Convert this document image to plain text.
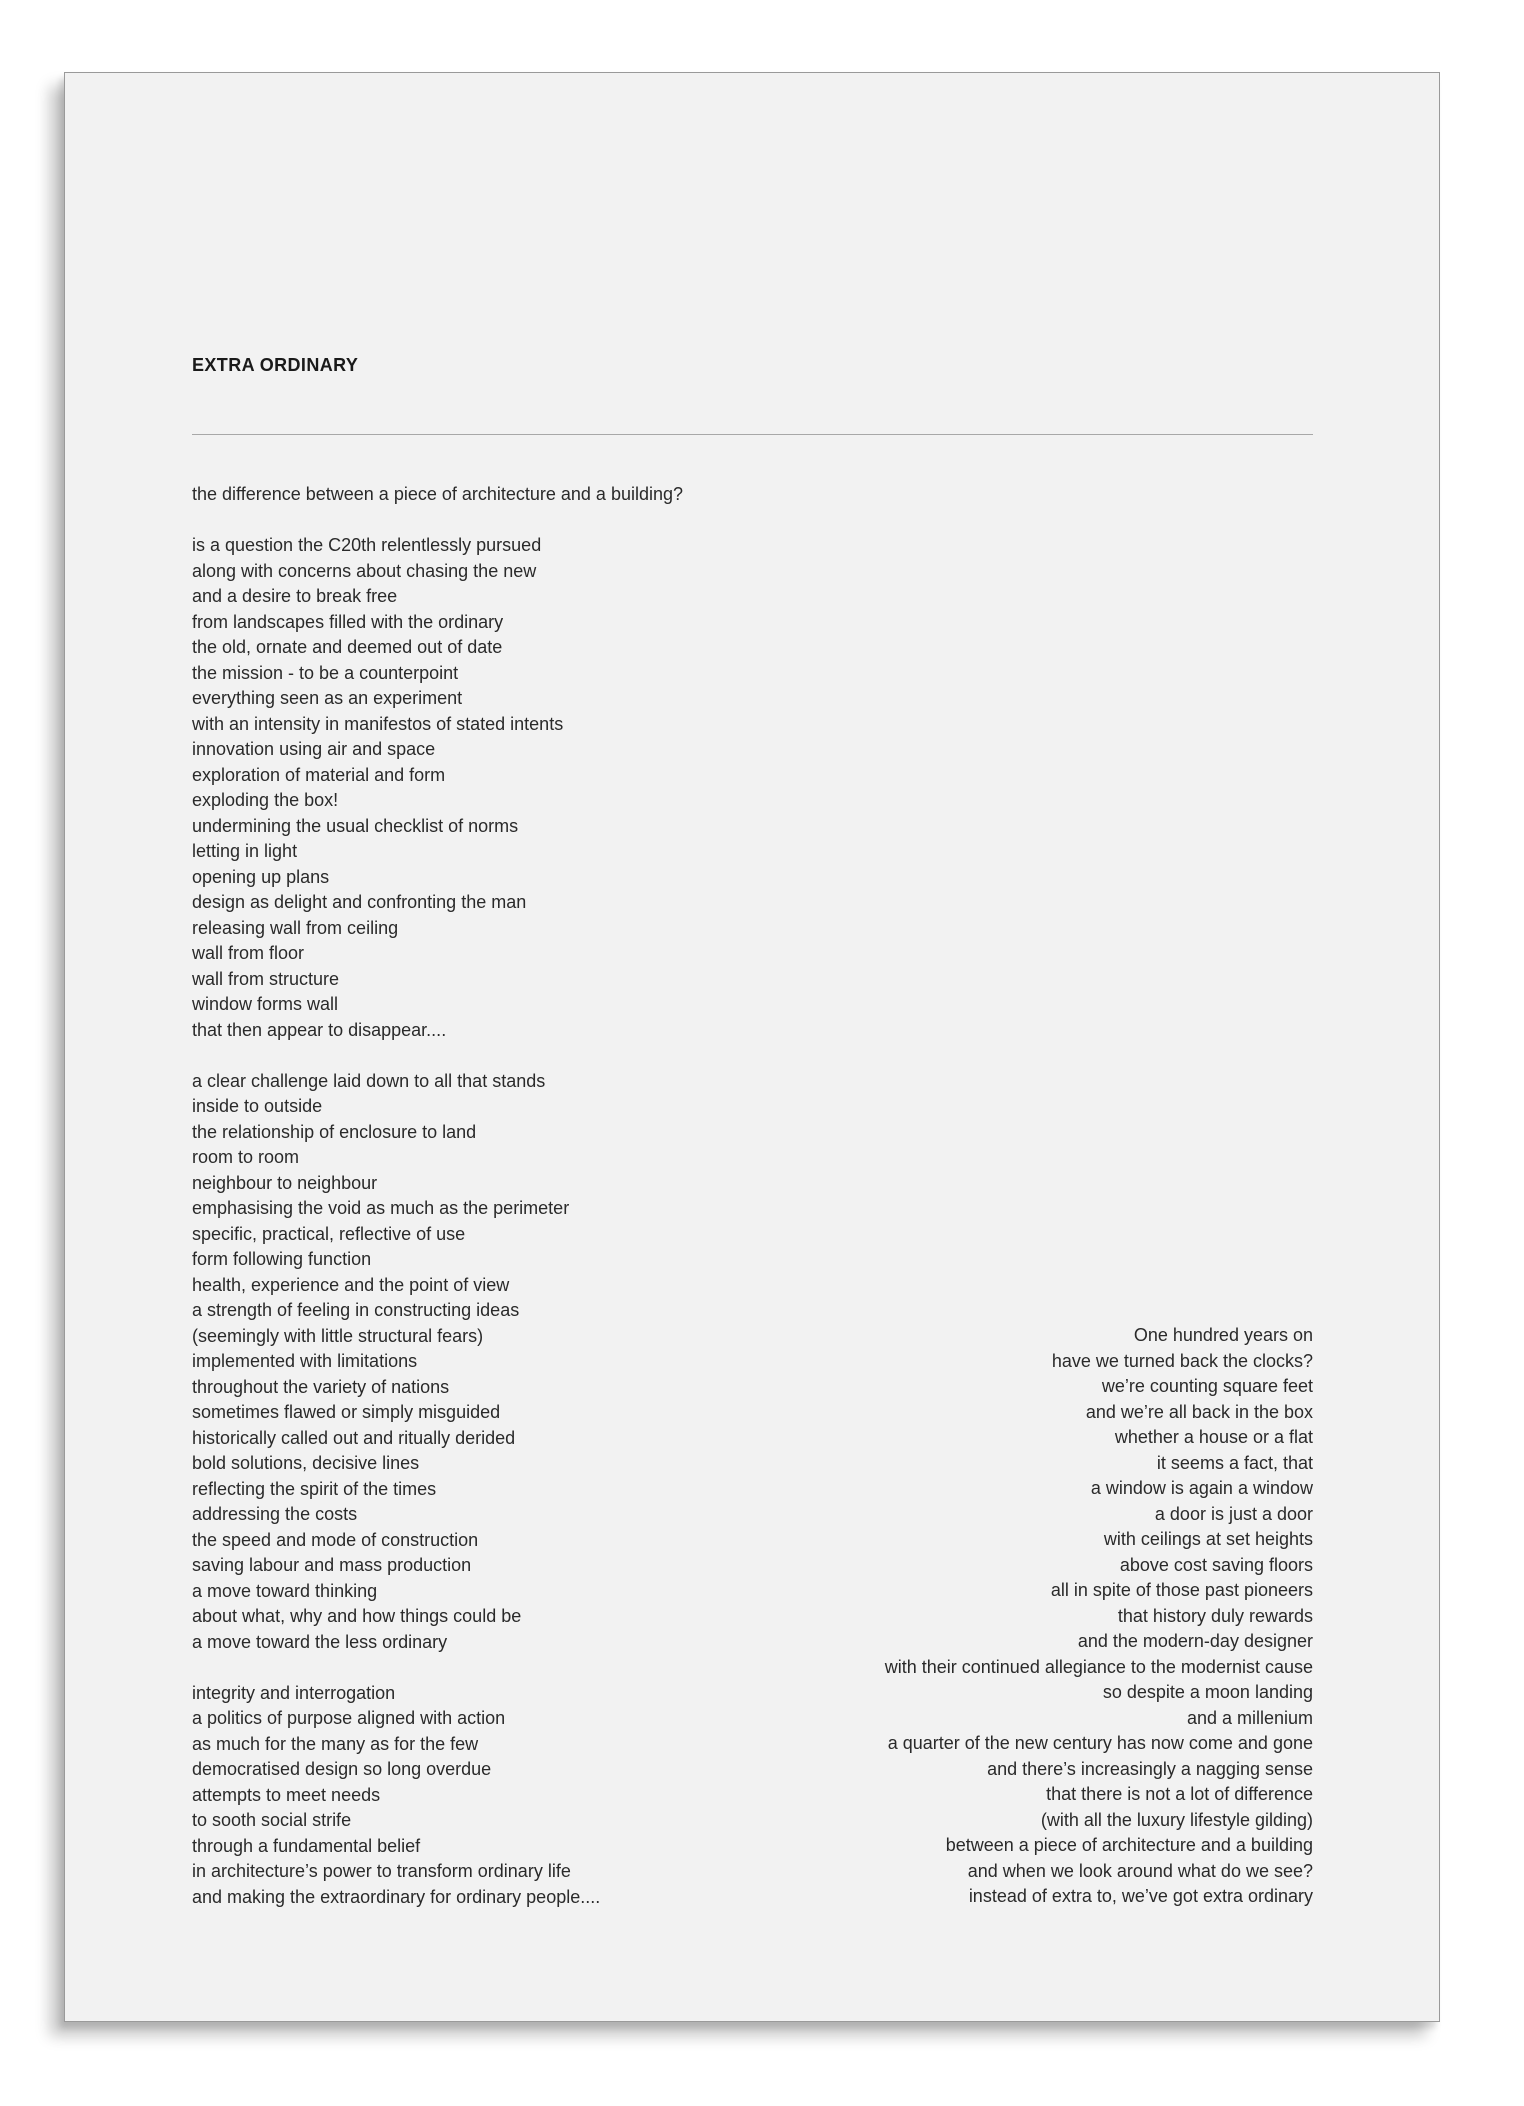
EXTRA ORDINARY
the difference between a piece of architecture and a building?
is a question the C20th relentlessly pursued
along with concerns about chasing the new
and a desire to break free
from landscapes filled with the ordinary
the old, ornate and deemed out of date
the mission - to be a counterpoint
everything seen as an experiment
with an intensity in manifestos of stated intents
innovation using air and space
exploration of material and form
exploding the box!
undermining the usual checklist of norms
letting in light
opening up plans
design as delight and confronting the man
releasing wall from ceiling
wall from floor
wall from structure
window forms wall
that then appear to disappear....
a clear challenge laid down to all that stands
inside to outside
the relationship of enclosure to land
room to room
neighbour to neighbour
emphasising the void as much as the perimeter
specific, practical, reflective of use
form following function
health, experience and the point of view
a strength of feeling in constructing ideas
(seemingly with little structural fears)
implemented with limitations
throughout the variety of nations
sometimes flawed or simply misguided
historically called out and ritually derided
bold solutions, decisive lines
reflecting the spirit of the times
addressing the costs
the speed and mode of construction
saving labour and mass production
a move toward thinking
about what, why and how things could be
a move toward the less ordinary
integrity and interrogation
a politics of purpose aligned with action
as much for the many as for the few
democratised design so long overdue
attempts to meet needs
to sooth social strife
through a fundamental belief
in architecture’s power to transform ordinary life
and making the extraordinary for ordinary people....
One hundred years on
have we turned back the clocks?
we’re counting square feet
and we’re all back in the box
whether a house or a flat
it seems a fact, that
a window is again a window
a door is just a door
with ceilings at set heights
above cost saving floors
all in spite of those past pioneers
that history duly rewards
and the modern-day designer
with their continued allegiance to the modernist cause
so despite a moon landing
and a millenium
a quarter of the new century has now come and gone
and there’s increasingly a nagging sense
that there is not a lot of difference
(with all the luxury lifestyle gilding)
between a piece of architecture and a building
and when we look around what do we see?
instead of extra to, we’ve got extra ordinary
